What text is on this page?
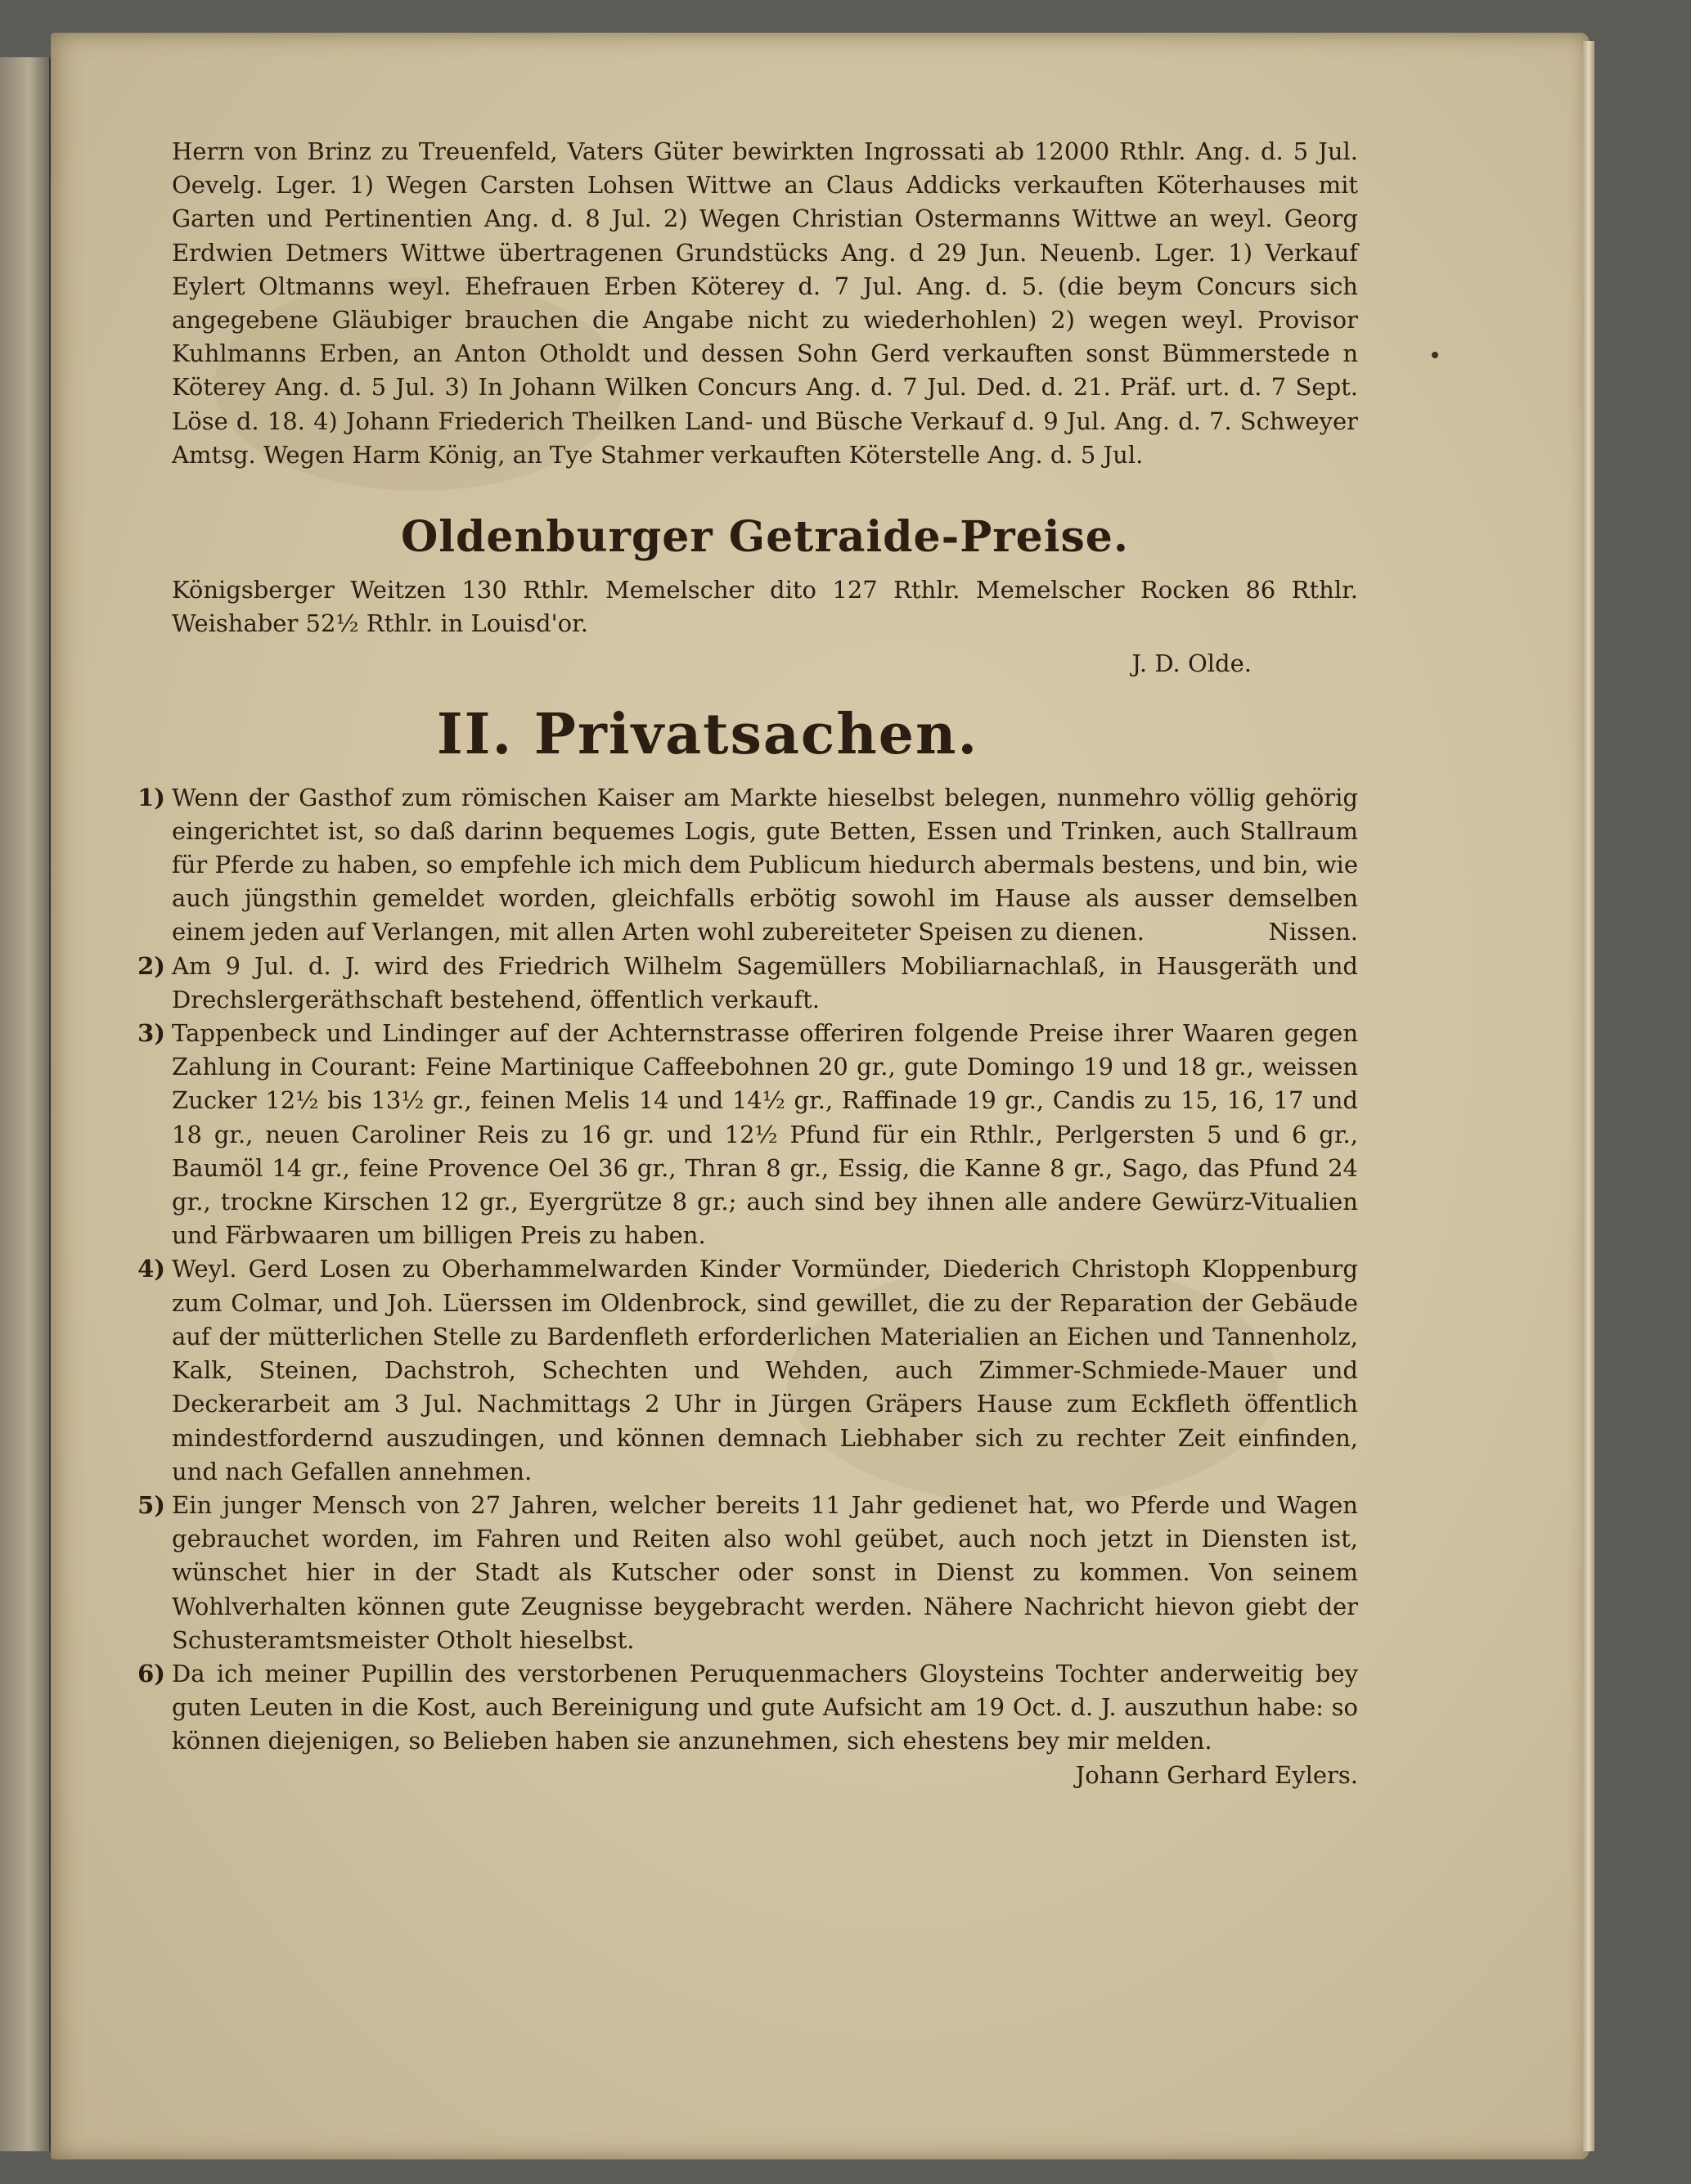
Herrn von Brinz zu Treuenfeld, Vaters Güter bewirkten Ingrossati ab 12000 Rthlr. Ang. d. 5 Jul. Oevelg. Lger. 1) Wegen Carsten Lohsen Wittwe an Claus Addicks verkauften Köterhauses mit Garten und Pertinentien Ang. d. 8 Jul. 2) Wegen Christian Ostermanns Wittwe an weyl. Georg Erdwien Detmers Wittwe übertragenen Grundstücks Ang. d 29 Jun. Neuenb. Lger. 1) Verkauf Eylert Oltmanns weyl. Ehefrauen Erben Köterey d. 7 Jul. Ang. d. 5. (die beym Concurs sich angegebene Gläubiger brauchen die Angabe nicht zu wiederhohlen) 2) wegen weyl. Provisor Kuhlmanns Erben, an Anton Otholdt und dessen Sohn Gerd verkauften sonst Bümmerstede n Köterey Ang. d. 5 Jul. 3) In Johann Wilken Concurs Ang. d. 7 Jul. Ded. d. 21. Präf. urt. d. 7 Sept. Löse d. 18. 4) Johann Friederich Theilken Land- und Büsche Verkauf d. 9 Jul. Ang. d. 7. Schweyer Amtsg. Wegen Harm König, an Tye Stahmer verkauften Köterstelle Ang. d. 5 Jul.

Oldenburger Getraide-Preise.

Königsberger Weitzen 130 Rthlr. Memelscher dito 127 Rthlr. Memelscher Rocken 86 Rthlr. Weishaber 52½ Rthlr. in Louisd'or.

J. D. Olde.
II. Privatsachen.
1) Wenn der Gasthof zum römischen Kaiser am Markte hieselbst belegen, nunmehro völlig gehörig eingerichtet ist, so daß darinn bequemes Logis, gute Betten, Essen und Trinken, auch Stallraum für Pferde zu haben, so empfehle ich mich dem Publicum hiedurch abermals bestens, und bin, wie auch jüngsthin gemeldet worden, gleichfalls erbötig sowohl im Hause als ausser demselben einem jeden auf Verlangen, mit allen Arten wohl zubereiteter Speisen zu dienen.	Nissen.
2) Am 9 Jul. d. J. wird des Friedrich Wilhelm Sagemüllers Mobiliarnachlaß, in Hausgeräth und Drechslergeräthschaft bestehend, öffentlich verkauft.
3) Tappenbeck und Lindinger auf der Achternstrasse offeriren folgende Preise ihrer Waaren gegen Zahlung in Courant: Feine Martinique Caffeebohnen 20 gr., gute Domingo 19 und 18 gr., weissen Zucker 12½ bis 13½ gr., feinen Melis 14 und 14½ gr., Raffinade 19 gr., Candis zu 15, 16, 17 und 18 gr., neuen Caroliner Reis zu 16 gr. und 12½ Pfund für ein Rthlr., Perlgersten 5 und 6 gr., Baumöl 14 gr., feine Provence Oel 36 gr., Thran 8 gr., Essig, die Kanne 8 gr., Sago, das Pfund 24 gr., trockne Kirschen 12 gr., Eyergrütze 8 gr.; auch sind bey ihnen alle andere Gewürz-Vitualien und Färbwaaren um billigen Preis zu haben.
4) Weyl. Gerd Losen zu Oberhammelwarden Kinder Vormünder, Diederich Christoph Kloppenburg zum Colmar, und Joh. Lüerssen im Oldenbrock, sind gewillet, die zu der Reparation der Gebäude auf der mütterlichen Stelle zu Bardenfleth erforderlichen Materialien an Eichen und Tannenholz, Kalk, Steinen, Dachstroh, Schechten und Wehden, auch Zimmer-Schmiede-Mauer und Deckerarbeit am 3 Jul. Nachmittags 2 Uhr in Jürgen Gräpers Hause zum Eckfleth öffentlich mindestfordernd auszudingen, und können demnach Liebhaber sich zu rechter Zeit einfinden, und nach Gefallen annehmen.
5) Ein junger Mensch von 27 Jahren, welcher bereits 11 Jahr gedienet hat, wo Pferde und Wagen gebrauchet worden, im Fahren und Reiten also wohl geübet, auch noch jetzt in Diensten ist, wünschet hier in der Stadt als Kutscher oder sonst in Dienst zu kommen. Von seinem Wohlverhalten können gute Zeugnisse beygebracht werden. Nähere Nachricht hievon giebt der Schusteramtsmeister Otholt hieselbst.
6) Da ich meiner Pupillin des verstorbenen Peruquenmachers Gloysteins Tochter anderweitig bey guten Leuten in die Kost, auch Bereinigung und gute Aufsicht am 19 Oct. d. J. auszuthun habe: so können diejenigen, so Belieben haben sie anzunehmen, sich ehestens bey mir melden.
Johann Gerhard Eylers.
